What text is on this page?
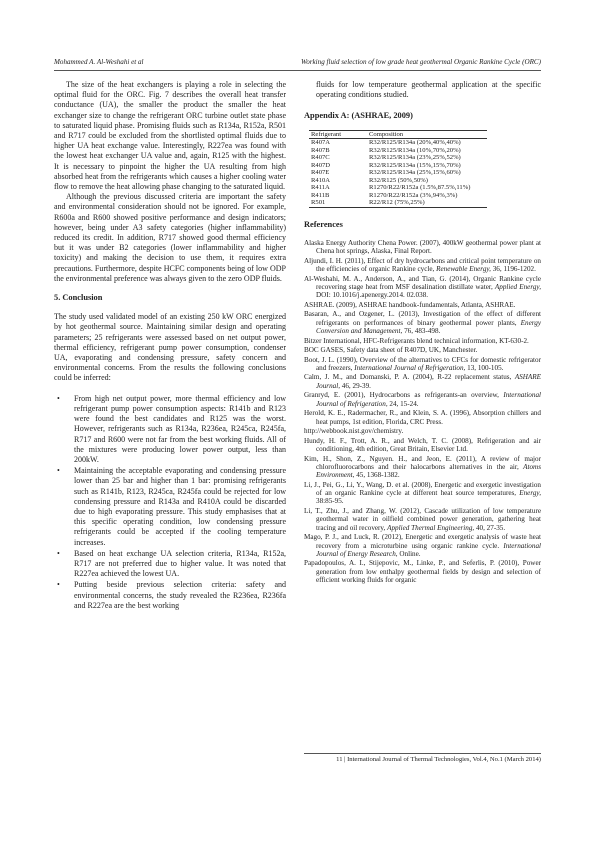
Mohammed A. Al-Weshahi et al	Working fluid selection of low grade heat geothermal Organic Rankine Cycle (ORC)

The size of the heat exchangers is playing a role in selecting the optimal fluid for the ORC. Fig. 7 describes the overall heat transfer conductance (UA), the smaller the product the smaller the heat exchanger size to change the refrigerant ORC turbine outlet state phase to saturated liquid phase. Promising fluids such as R134a, R152a, R501 and R717 could be excluded from the shortlisted optimal fluids due to higher UA heat exchange value. Interestingly, R227ea was found with the lowest heat exchanger UA value and, again, R125 with the highest. It is necessary to pinpoint the higher the UA resulting from high absorbed heat from the refrigerants which causes a higher cooling water flow to remove the heat allowing phase changing to the saturated liquid.

Although the previous discussed criteria are important the safety and environmental consideration should not be ignored. For example, R600a and R600 showed positive performance and design indicators; however, being under A3 safety categories (higher inflammability) reduced its credit. In addition, R717 showed good thermal efficiency but it was under B2 categories (lower inflammability and higher toxicity) and making the decision to use them, it requires extra precautions. Furthermore, despite HCFC components being of low ODP the environmental preference was always given to the zero ODP fluids.

5. Conclusion

The study used validated model of an existing 250 kW ORC energized by hot geothermal source. Maintaining similar design and operating parameters; 25 refrigerants were assessed based on net output power, thermal efficiency, refrigerant pump power consumption, condenser UA, evaporating and condensing pressure, safety concern and environmental concerns. From the results the following conclusions could be inferred:

• From high net output power, more thermal efficiency and low refrigerant pump power consumption aspects: R141b and R123 were found the best candidates and R125 was the worst. However, refrigerants such as R134a, R236ea, R245ca, R245fa, R717 and R600 were not far from the best working fluids. All of the mixtures were producing lower power output, less than 200kW.
• Maintaining the acceptable evaporating and condensing pressure lower than 25 bar and higher than 1 bar: promising refrigerants such as R141b, R123, R245ca, R245fa could be rejected for low condensing pressure and R143a and R410A could be discarded due to high evaporating pressure. This study emphasises that at this specific operating condition, low condensing pressure refrigerants could be accepted if the cooling temperature increases.
• Based on heat exchange UA selection criteria, R134a, R152a, R717 are not preferred due to higher value. It was noted that R227ea achieved the lowest UA.
• Putting beside previous selection criteria: safety and environmental concerns, the study revealed the R236ea, R236fa and R227ea are the best working

fluids for low temperature geothermal application at the specific operating conditions studied.

Appendix A: (ASHRAE, 2009)
Refrigerant	Composition
R407A	R32/R125/R134a (20%,40%,40%)
R407B	R32/R125/R134a (10%,70%,20%)
R407C	R32/R125/R134a (23%,25%,52%)
R407D	R32/R125/R134a (15%,15%,70%)
R407E	R32/R125/R134a (25%,15%,60%)
R410A	R32/R125 (50%,50%)
R411A	R1270/R22/R152a (1.5%,87.5%,11%)
R411B	R1270/R22/R152a (3%,94%,3%)
R501	R22/R12 (75%,25%)
References

Alaska Energy Authority Chena Power. (2007), 400kW geothermal power plant at Chena hot springs, Alaska, Final Report.

Aljundi, I. H. (2011), Effect of dry hydrocarbons and critical point temperature on the efficiencies of organic Rankine cycle, Renewable Energy, 36, 1196-1202.

Al-Weshahi, M. A., Anderson, A., and Tian, G. (2014), Organic Rankine cycle recovering stage heat from MSF desalination distillate water, Applied Energy, DOI: 10.1016/j.apenergy.2014. 02.038.

ASHRAE. (2009), ASHRAE handbook-fundamentals, Atlanta, ASHRAE.

Basaran, A., and Ozgener, L. (2013), Investigation of the effect of different refrigerants on performances of binary geothermal power plants, Energy Conversion and Management, 76, 483-498.

Bitzer International, HFC-Refrigerants blend technical information, KT-630-2.

BOC GASES, Safety data sheet of R407D, UK, Manchester.

Boot, J. L. (1990), Overview of the alternatives to CFCs for domestic refrigerator and freezers, International Journal of Refrigeration, 13, 100-105.

Calm, J. M., and Domanski, P. A. (2004), R-22 replacement status, ASHARE Journal, 46, 29-39.

Granryd, E. (2001), Hydrocarbons as refrigerants-an overview, International Journal of Refrigeration, 24, 15-24.

Herold, K. E., Radermacher, R., and Klein, S. A. (1996), Absorption chillers and heat pumps, 1st edition, Florida, CRC Press.

http://webbook.nist.gov/chemistry.

Hundy, H. F., Trott, A. R., and Welch, T. C. (2008), Refrigeration and air conditioning, 4th edition, Great Britain, Elsevier Ltd.

Kim, H., Shon, Z., Nguyen. H., and Jeon, E. (2011), A review of major chlorofluorocarbons and their halocarbons alternatives in the air, Atoms Environment, 45, 1368-1382.

Li, J., Pei, G., Li, Y., Wang, D. et al. (2008), Energetic and exergetic investigation of an organic Rankine cycle at different heat source temperatures, Energy, 38:85-95.

Li, T., Zhu, J., and Zhang, W. (2012), Cascade utilization of low temperature geothermal water in oilfield combined power generation, gathering heat tracing and oil recovery, Applied Thermal Engineering, 40, 27-35.

Mago, P. J., and Luck, R. (2012), Energetic and exergetic analysis of waste heat recovery from a microturbine using organic rankine cycle. International Journal of Energy Research, Online.

Papadopoulos, A. I., Stijepovic, M., Linke, P., and Seferlis, P. (2010), Power generation from low enthalpy geothermal fields by design and selection of efficient working fluids for organic

11 | International Journal of Thermal Technologies, Vol.4, No.1 (March 2014)
